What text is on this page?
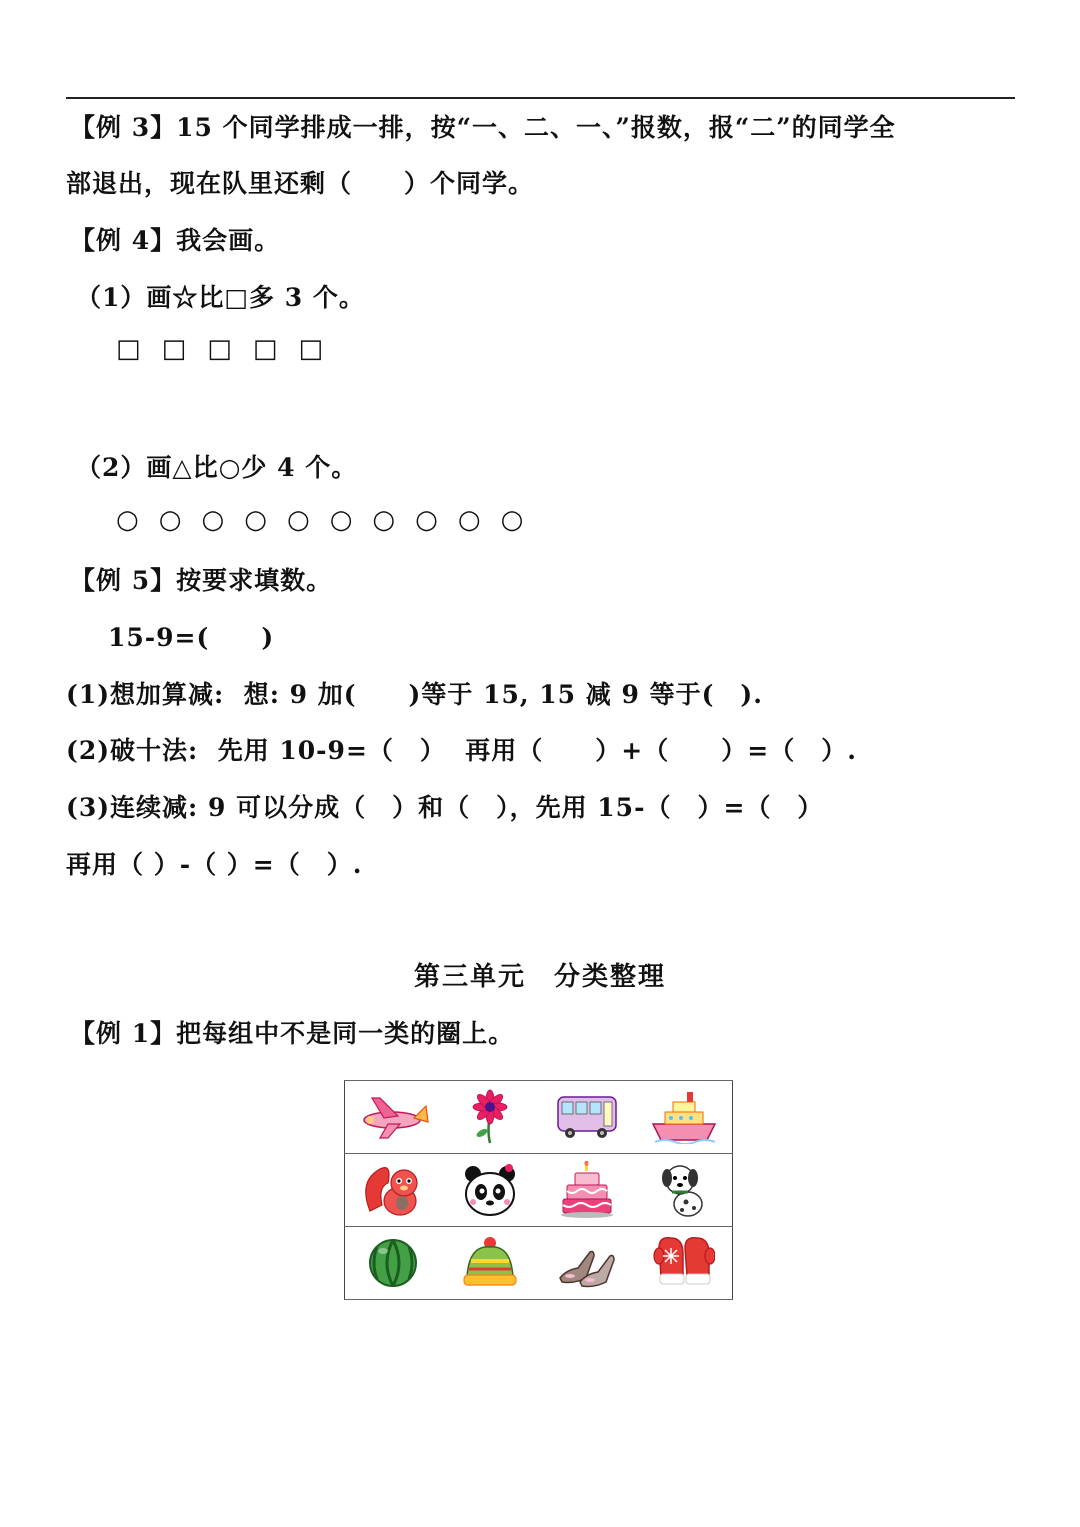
【例 3】15 个同学排成一排，按“一、二、一、”报数，报“二”的同学全
部退出，现在队里还剩（　　）个同学。
【例 4】我会画。
（1）画☆比□多 3 个。
□ □ □ □ □
（2）画△比○少 4 个。
○ ○ ○ ○ ○ ○ ○ ○ ○ ○
【例 5】按要求填数。
15-9=(　　)
(1)想加算减:  想: 9 加(　　)等于 15, 15 减 9 等于(　).
(2)破十法:  先用 10-9=（　）  再用（　　）+（　　）=（　）.
(3)连续减: 9 可以分成（　）和（　），先用 15-（　）=（　）
再用（ ）-（ ）=（　）.
第三单元　分类整理
【例 1】把每组中不是同一类的圈上。
